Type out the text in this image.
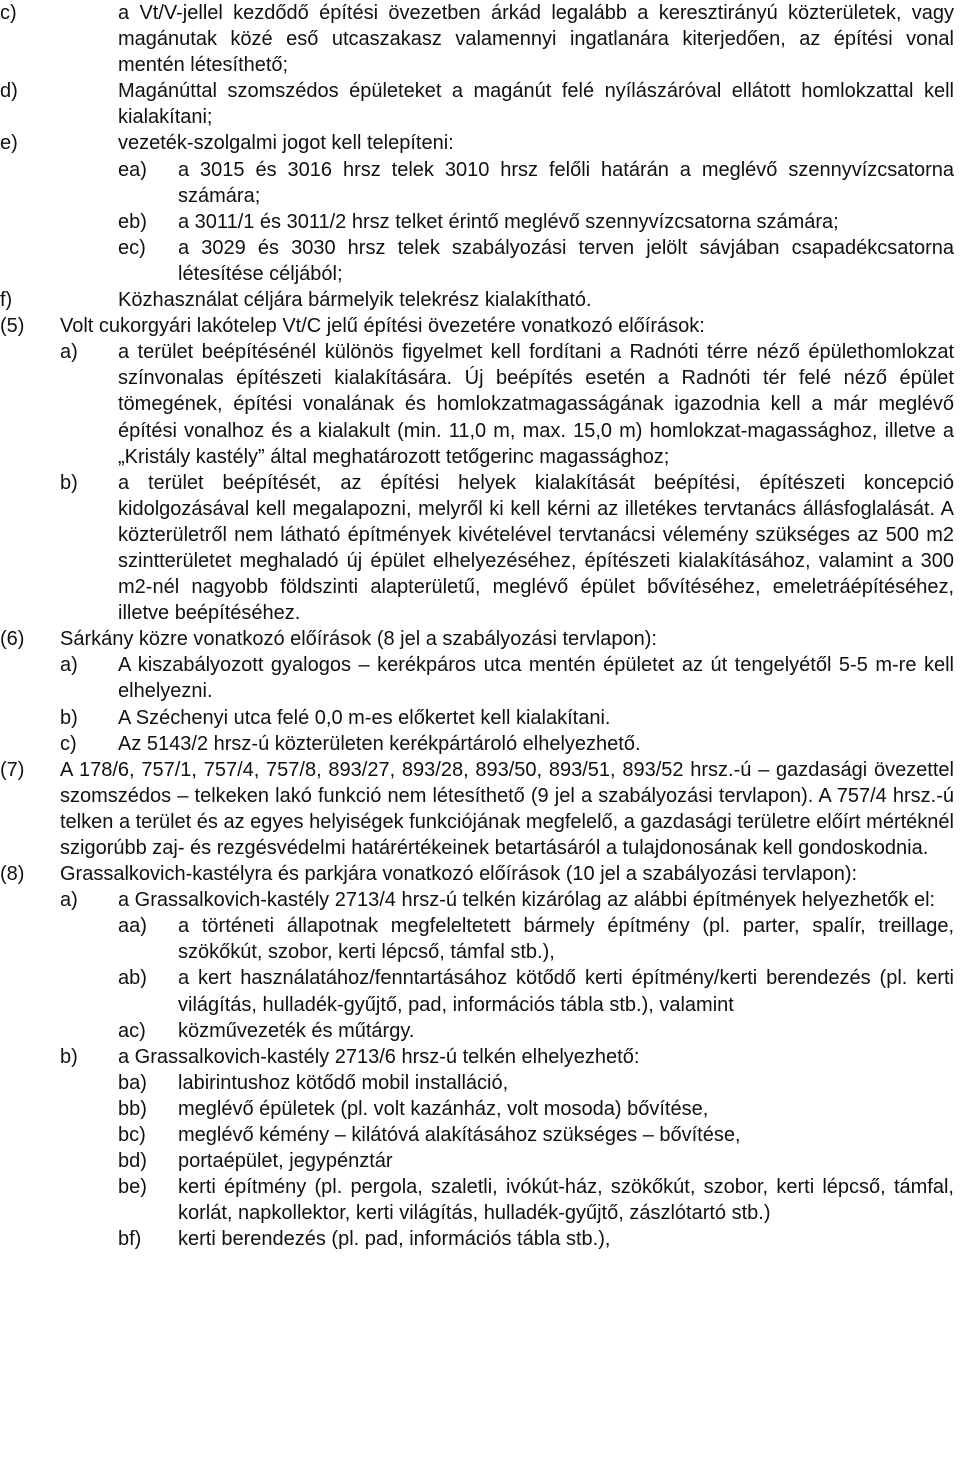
c)	a Vt/V-jellel kezdődő építési övezetben árkád legalább a keresztirányú közterületek, vagy magánutak közé eső utcaszakasz valamennyi ingatlanára kiterjedően, az építési vonal mentén létesíthető;
d)	Magánúttal szomszédos épületeket a magánút felé nyílászáróval ellátott homlokzattal kell kialakítani;
e)	vezeték-szolgalmi jogot kell telepíteni:
ea)	a 3015 és 3016 hrsz telek 3010 hrsz felőli határán a meglévő szennyvízcsatorna számára;
eb)	a 3011/1 és 3011/2 hrsz telket érintő meglévő szennyvízcsatorna számára;
ec)	a 3029 és 3030 hrsz telek szabályozási terven jelölt sávjában csapadékcsatorna létesítése céljából;
f)	Közhasználat céljára bármelyik telekrész kialakítható.
(5)	Volt cukorgyári lakótelep Vt/C jelű építési övezetére vonatkozó előírások:
a)	a terület beépítésénél különös figyelmet kell fordítani a Radnóti térre néző épülethomlokzat színvonalas építészeti kialakítására. Új beépítés esetén a Radnóti tér felé néző épület tömegének, építési vonalának és homlokzatmagasságának igazodnia kell a már meglévő építési vonalhoz és a kialakult (min. 11,0 m, max. 15,0 m) homlokzat-magassághoz, illetve a „Kristály kastély” által meghatározott tetőgerinc magassághoz;
b)	a terület beépítését, az építési helyek kialakítását beépítési, építészeti koncepció kidolgozásával kell megalapozni, melyről ki kell kérni az illetékes tervtanács állásfoglalását. A közterületről nem látható építmények kivételével tervtanácsi vélemény szükséges az 500 m2 szintterületet meghaladó új épület elhelyezéséhez, építészeti kialakításához, valamint a 300 m2-nél nagyobb földszinti alapterületű, meglévő épület bővítéséhez, emeletráépítéséhez, illetve beépítéséhez.
(6)	Sárkány közre vonatkozó előírások (8 jel a szabályozási tervlapon):
a)	A kiszabályozott gyalogos – kerékpáros utca mentén épületet az út tengelyétől 5-5 m-re kell elhelyezni.
b)	A Széchenyi utca felé 0,0 m-es előkertet kell kialakítani.
c)	Az 5143/2 hrsz-ú közterületen kerékpártároló elhelyezhető.
(7)	A 178/6, 757/1, 757/4, 757/8, 893/27, 893/28, 893/50, 893/51, 893/52 hrsz.-ú – gazdasági övezettel szomszédos – telkeken lakó funkció nem létesíthető (9 jel a szabályozási tervlapon). A 757/4 hrsz.-ú telken a terület és az egyes helyiségek funkciójának megfelelő, a gazdasági területre előírt mértéknél szigorúbb zaj- és rezgésvédelmi határértékeinek betartásáról a tulajdonosának kell gondoskodnia.
(8)	Grassalkovich-kastélyra és parkjára vonatkozó előírások (10 jel a szabályozási tervlapon):
a)	a Grassalkovich-kastély 2713/4 hrsz-ú telkén kizárólag az alábbi építmények helyezhetők el:
aa)	a történeti állapotnak megfeleltetett bármely építmény (pl. parter, spalír, treillage, szökőkút, szobor, kerti lépcső, támfal stb.),
ab)	a kert használatához/fenntartásához kötődő kerti építmény/kerti berendezés (pl. kerti világítás, hulladék-gyűjtő, pad, információs tábla stb.), valamint
ac)	közművezeték és műtárgy.
b)	a Grassalkovich-kastély 2713/6 hrsz-ú telkén elhelyezhető:
ba)	labirintushoz kötődő mobil installáció,
bb)	meglévő épületek (pl. volt kazánház, volt mosoda) bővítése,
bc)	meglévő kémény – kilátóvá alakításához szükséges – bővítése,
bd)	portaépület, jegypénztár
be)	kerti építmény (pl. pergola, szaletli, ivókút-ház, szökőkút, szobor, kerti lépcső, támfal, korlát, napkollektor, kerti világítás, hulladék-gyűjtő, zászlótartó stb.)
bf)	kerti berendezés (pl. pad, információs tábla stb.),
